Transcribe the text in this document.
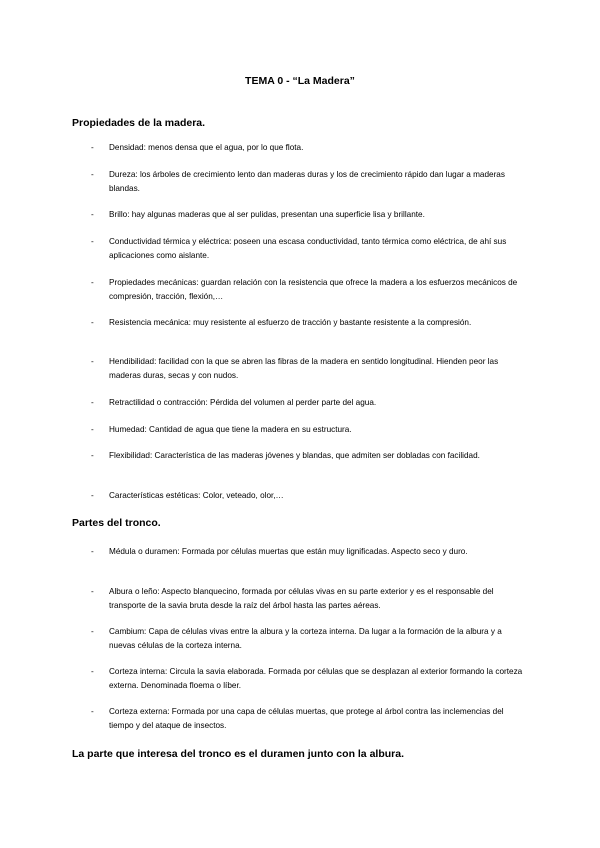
TEMA 0 - “La Madera”
Propiedades de la madera.
- Densidad: menos densa que el agua, por lo que flota.
- Dureza: los árboles de crecimiento lento dan maderas duras y los de crecimiento rápido dan lugar a maderas blandas.
- Brillo: hay algunas maderas que al ser pulidas, presentan una superficie lisa y brillante.
- Conductividad térmica y eléctrica: poseen una escasa conductividad, tanto térmica como eléctrica, de ahí sus aplicaciones como aislante.
- Propiedades mecánicas: guardan relación con la resistencia que ofrece la madera a los esfuerzos mecánicos de compresión, tracción, flexión,…
- Resistencia mecánica: muy resistente al esfuerzo de tracción y bastante resistente a la compresión.
- Hendibilidad: facilidad con la que se abren las fibras de la madera en sentido longitudinal. Hienden peor las maderas duras, secas y con nudos.
- Retractilidad o contracción: Pérdida del volumen al perder parte del agua.
- Humedad: Cantidad de agua que tiene la madera en su estructura.
- Flexibilidad: Característica de las maderas jóvenes y blandas, que admiten ser dobladas con facilidad.
- Características estéticas: Color, veteado, olor,…
Partes del tronco.
- Médula o duramen: Formada por células muertas que están muy lignificadas. Aspecto seco y duro.
- Albura o leño: Aspecto blanquecino, formada por células vivas en su parte exterior y es el responsable del transporte de la savia bruta desde la raíz del árbol hasta las partes aéreas.
- Cambium: Capa de células vivas entre la albura y la corteza interna. Da lugar a la formación de la albura y a nuevas células de la corteza interna.
- Corteza interna: Circula la savia elaborada. Formada por células que se desplazan al exterior formando la corteza externa. Denominada floema o líber.
- Corteza externa: Formada por una capa de células muertas, que protege al árbol contra las inclemencias del tiempo y del ataque de insectos.
La parte que interesa del tronco es el duramen junto con la albura.
